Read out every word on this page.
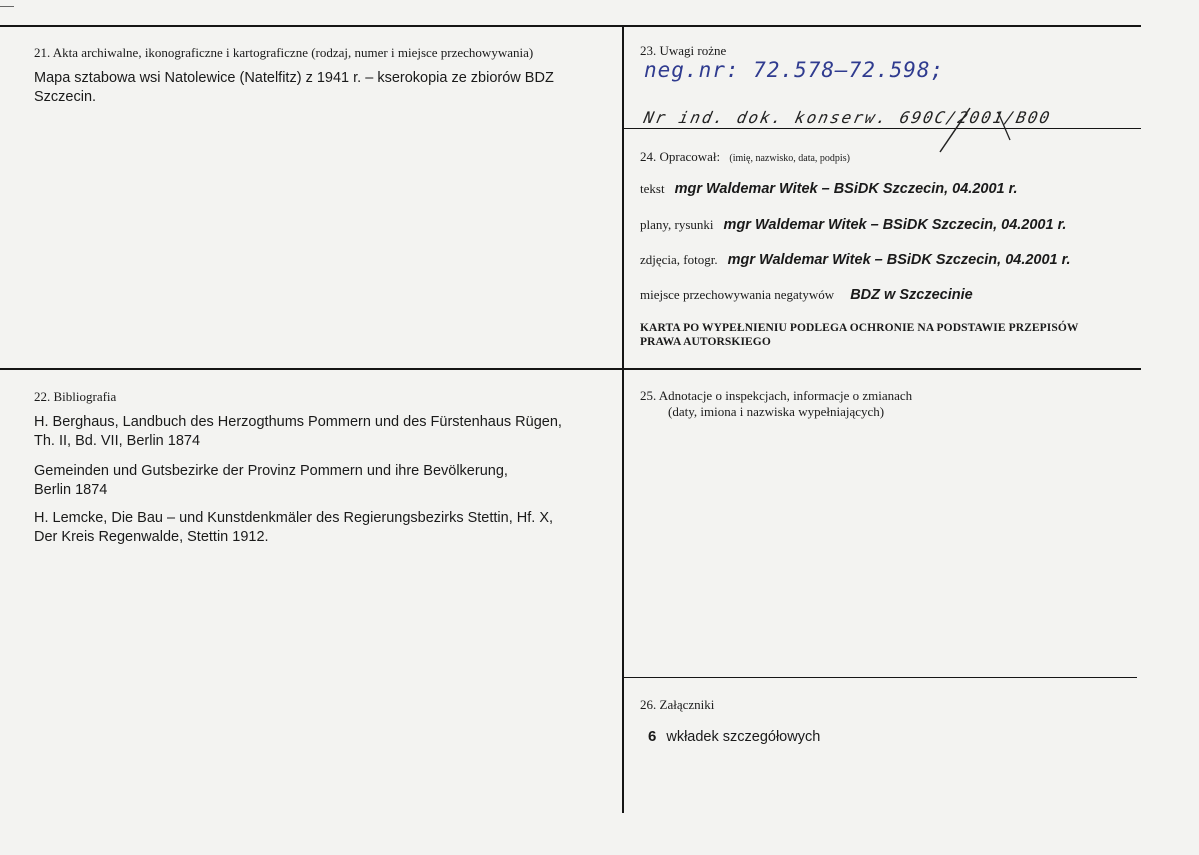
21. Akta archiwalne, ikonograficzne i kartograficzne (rodzaj, numer i miejsce przechowywania)
Mapa sztabowa wsi Natolewice (Natelfitz) z 1941 r. – kserokopia ze zbiorów BDZ
Szczecin.
22. Bibliografia
H. Berghaus, Landbuch des Herzogthums Pommern und des Fürstenhaus Rügen,
Th. II, Bd. VII, Berlin 1874
Gemeinden und Gutsbezirke der Provinz Pommern und ihre Bevölkerung,
Berlin 1874
H. Lemcke, Die Bau – und Kunstdenkmäler des Regierungsbezirks Stettin, Hf. X,
Der Kreis Regenwalde, Stettin 1912.
23. Uwagi rożne
neg.nr: 72.578–72.598;
Nr ind. dok. konserw. 690C/2001/B00
24. Opracował: (imię, nazwisko, data, podpis)
tekst mgr Waldemar Witek – BSiDK Szczecin, 04.2001 r.
plany, rysunki mgr Waldemar Witek – BSiDK Szczecin, 04.2001 r.
zdjęcia, fotogr. mgr Waldemar Witek – BSiDK Szczecin, 04.2001 r.
miejsce przechowywania negatywów BDZ w Szczecinie
KARTA PO WYPEŁNIENIU PODLEGA OCHRONIE NA PODSTAWIE PRZEPISÓW
PRAWA AUTORSKIEGO
25. Adnotacje o inspekcjach, informacje o zmianach
(daty, imiona i nazwiska wypełniających)
26. Załączniki
6 wkładek szczegółowych
